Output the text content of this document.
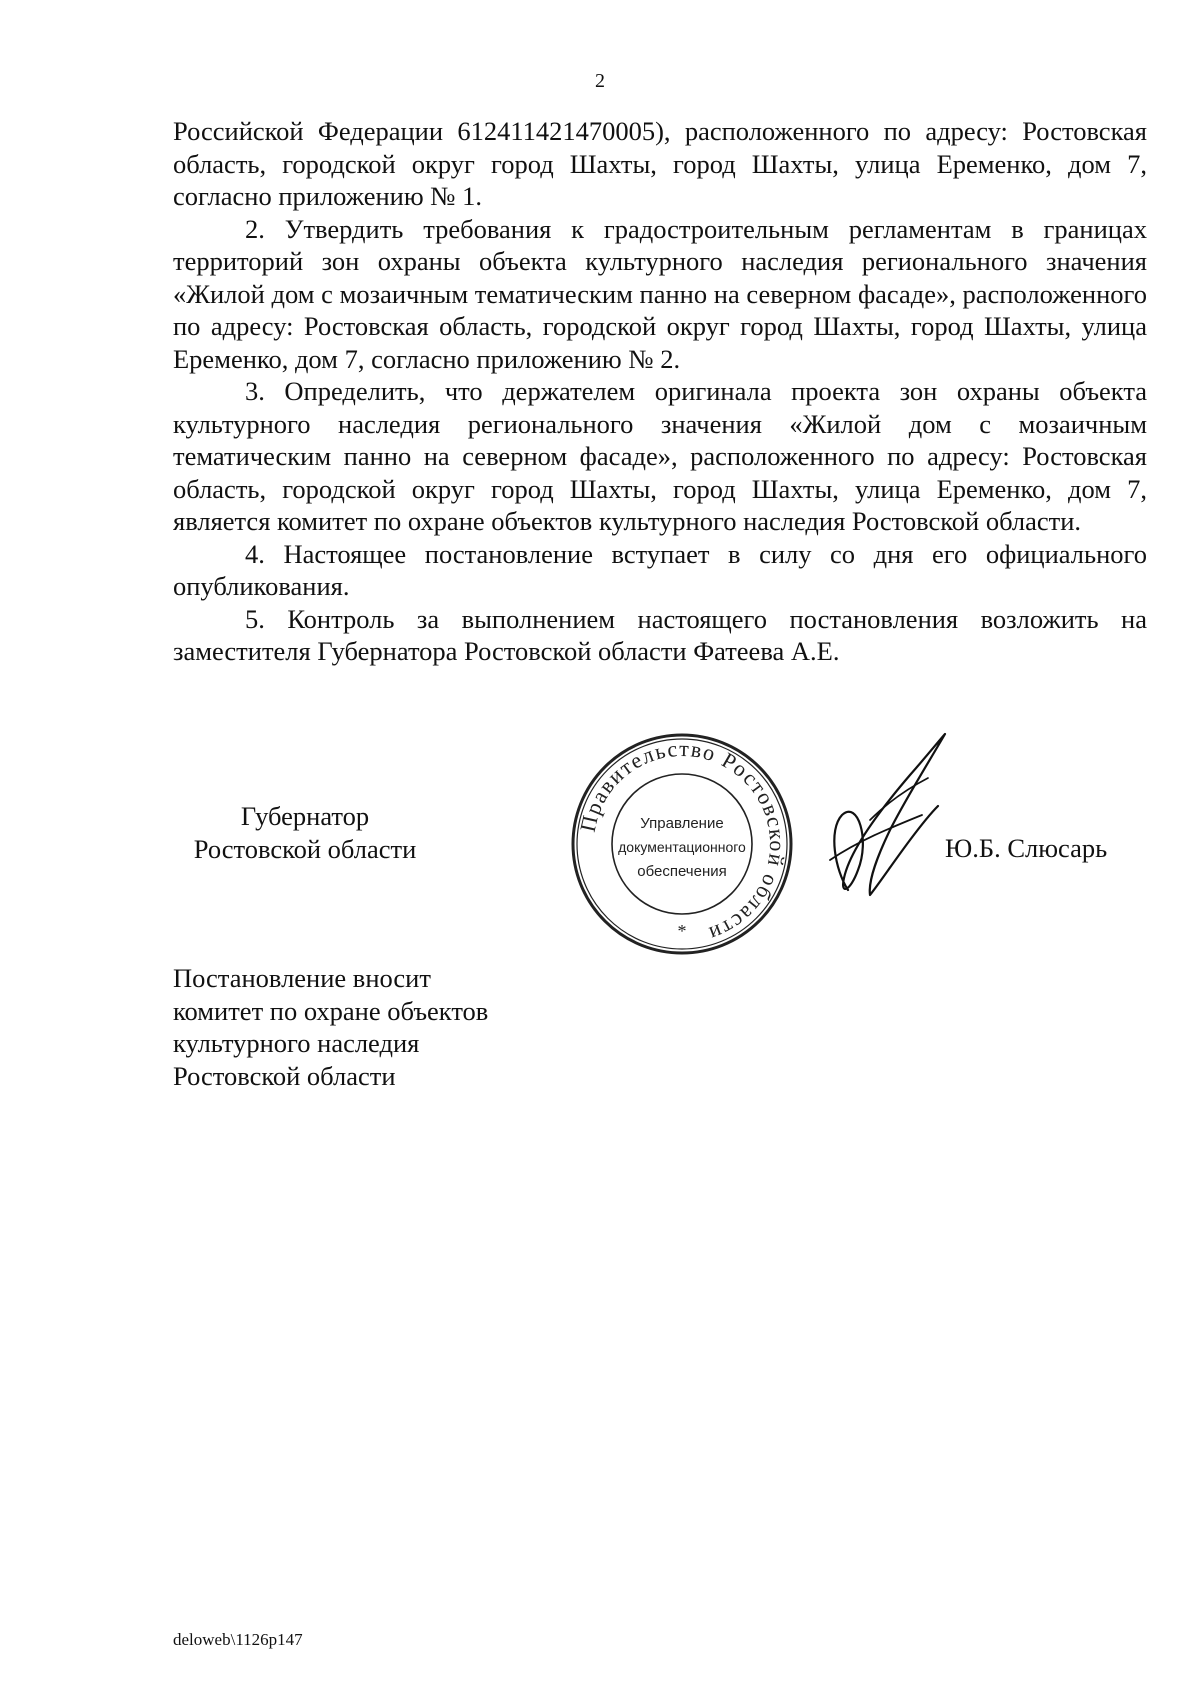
2

Российской Федерации 612411421470005), расположенного по адресу: Ростовская область, городской округ город Шахты, город Шахты, улица Еременко, дом 7, согласно приложению № 1.

2. Утвердить требования к градостроительным регламентам в границах территорий зон охраны объекта культурного наследия регионального значения «Жилой дом с мозаичным тематическим панно на северном фасаде», расположенного по адресу: Ростовская область, городской округ город Шахты, город Шахты, улица Еременко, дом 7, согласно приложению № 2.

3. Определить, что держателем оригинала проекта зон охраны объекта культурного наследия регионального значения «Жилой дом с мозаичным тематическим панно на северном фасаде», расположенного по адресу: Ростовская область, городской округ город Шахты, город Шахты, улица Еременко, дом 7, является комитет по охране объектов культурного наследия Ростовской области.

4. Настоящее постановление вступает в силу со дня его официального опубликования.

5. Контроль за выполнением настоящего постановления возложить на заместителя Губернатора Ростовской области Фатеева А.Е.

Губернатор
Ростовской области
Правительство Ростовской области
Управление
документационного
обеспечения
*
Ю.Б. Слюсарь
Постановление вносит
комитет по охране объектов
культурного наследия
Ростовской области
deloweb\1126p147
